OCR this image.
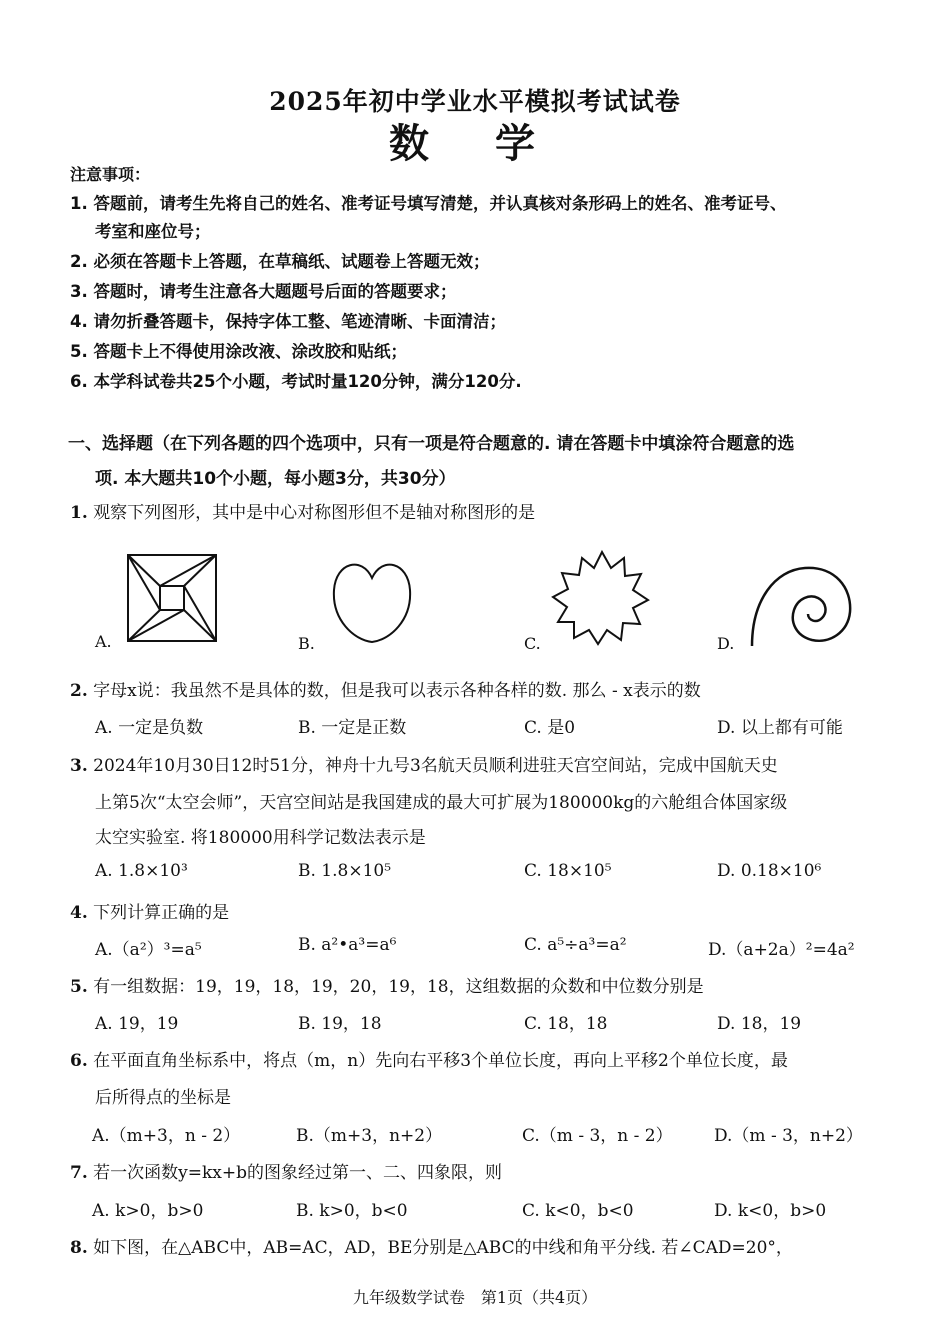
2025年初中学业水平模拟考试试卷
数 学
注意事项：
1. 答题前，请考生先将自己的姓名、准考证号填写清楚，并认真核对条形码上的姓名、准考证号、
考室和座位号；
2. 必须在答题卡上答题，在草稿纸、试题卷上答题无效；
3. 答题时，请考生注意各大题题号后面的答题要求；
4. 请勿折叠答题卡，保持字体工整、笔迹清晰、卡面清洁；
5. 答题卡上不得使用涂改液、涂改胶和贴纸；
6. 本学科试卷共25个小题，考试时量120分钟，满分120分.
一、选择题（在下列各题的四个选项中，只有一项是符合题意的. 请在答题卡中填涂符合题意的选
项. 本大题共10个小题，每小题3分，共30分）
1. 观察下列图形，其中是中心对称图形但不是轴对称图形的是
A.	B.	C.	D.
2. 字母x说：我虽然不是具体的数，但是我可以表示各种各样的数. 那么 - x表示的数
A. 一定是负数	B. 一定是正数	C. 是0	D. 以上都有可能
3. 2024年10月30日12时51分，神舟十九号3名航天员顺利进驻天宫空间站，完成中国航天史
上第5次“太空会师”，天宫空间站是我国建成的最大可扩展为180000kg的六舱组合体国家级
太空实验室. 将180000用科学记数法表示是
A. 1.8×10³	B. 1.8×10⁵	C. 18×10⁵	D. 0.18×10⁶
4. 下列计算正确的是
A.（a²）³=a⁵	B. a²•a³=a⁶	C. a⁵÷a³=a²	D.（a+2a）²=4a²
5. 有一组数据：19，19，18，19，20，19，18，这组数据的众数和中位数分别是
A. 19，19	B. 19，18	C. 18，18	D. 18，19
6. 在平面直角坐标系中，将点（m，n）先向右平移3个单位长度，再向上平移2个单位长度，最
后所得点的坐标是
A.（m+3，n - 2）	B.（m+3，n+2）	C.（m - 3，n - 2） D.（m - 3，n+2）
7. 若一次函数y=kx+b的图象经过第一、二、四象限，则
A. k>0，b>0	B. k>0，b<0	C. k<0，b<0	D. k<0，b>0
8. 如下图，在△ABC中，AB=AC，AD，BE分别是△ABC的中线和角平分线. 若∠CAD=20°，
九年级数学试卷　第1页（共4页）
